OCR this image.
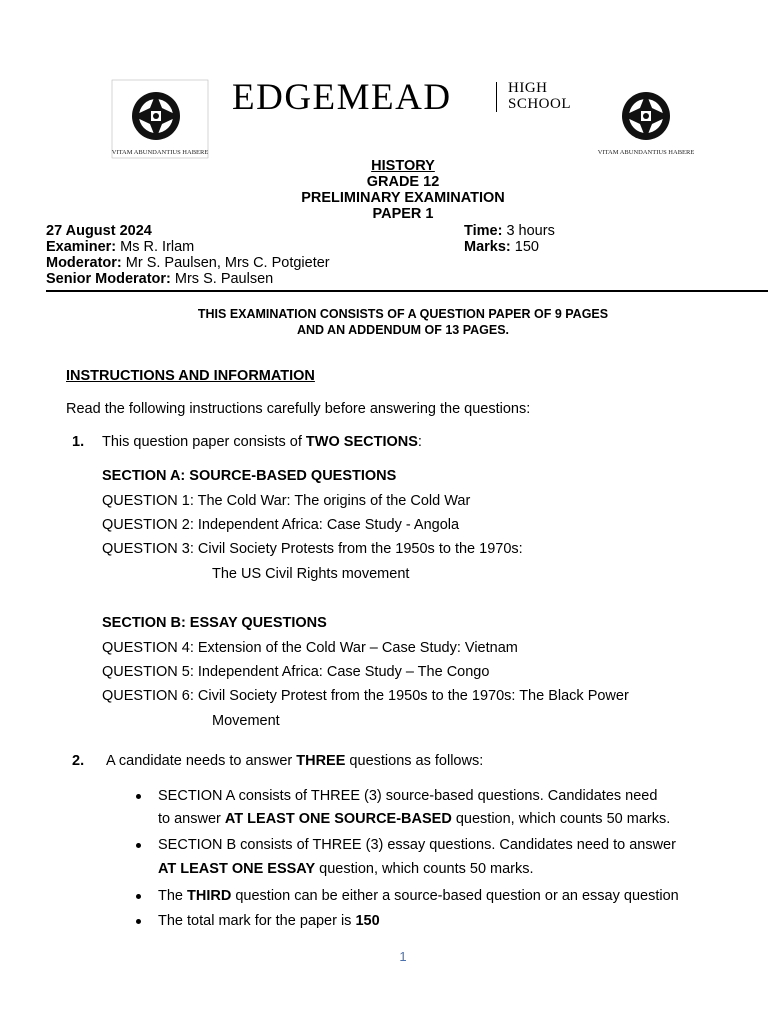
VITAM ABUNDANTIUS HABERE	VITAM ABUNDANTIUS HABERE
EDGEMEAD	HIGH
SCHOOL
HISTORY
GRADE 12
PRELIMINARY EXAMINATION
PAPER 1
27 August 2024	Time: 3 hours
Examiner: Ms R. Irlam	Marks: 150
Moderator: Mr S. Paulsen, Mrs C. Potgieter
Senior Moderator: Mrs S. Paulsen
THIS EXAMINATION CONSISTS OF A QUESTION PAPER OF 9 PAGES
AND AN ADDENDUM OF 13 PAGES.
INSTRUCTIONS AND INFORMATION
Read the following instructions carefully before answering the questions:
1. This question paper consists of TWO SECTIONS:
SECTION A: SOURCE-BASED QUESTIONS
QUESTION 1: The Cold War: The origins of the Cold War
QUESTION 2: Independent Africa: Case Study - Angola
QUESTION 3: Civil Society Protests from the 1950s to the 1970s:
The US Civil Rights movement
SECTION B: ESSAY QUESTIONS
QUESTION 4: Extension of the Cold War – Case Study: Vietnam
QUESTION 5: Independent Africa: Case Study – The Congo
QUESTION 6: Civil Society Protest from the 1950s to the 1970s: The Black Power
Movement
2. A candidate needs to answer THREE questions as follows:
SECTION A consists of THREE (3) source-based questions. Candidates need
to answer AT LEAST ONE SOURCE-BASED question, which counts 50 marks.
SECTION B consists of THREE (3) essay questions. Candidates need to answer
AT LEAST ONE ESSAY question, which counts 50 marks.
The THIRD question can be either a source-based question or an essay question
The total mark for the paper is 150
1
